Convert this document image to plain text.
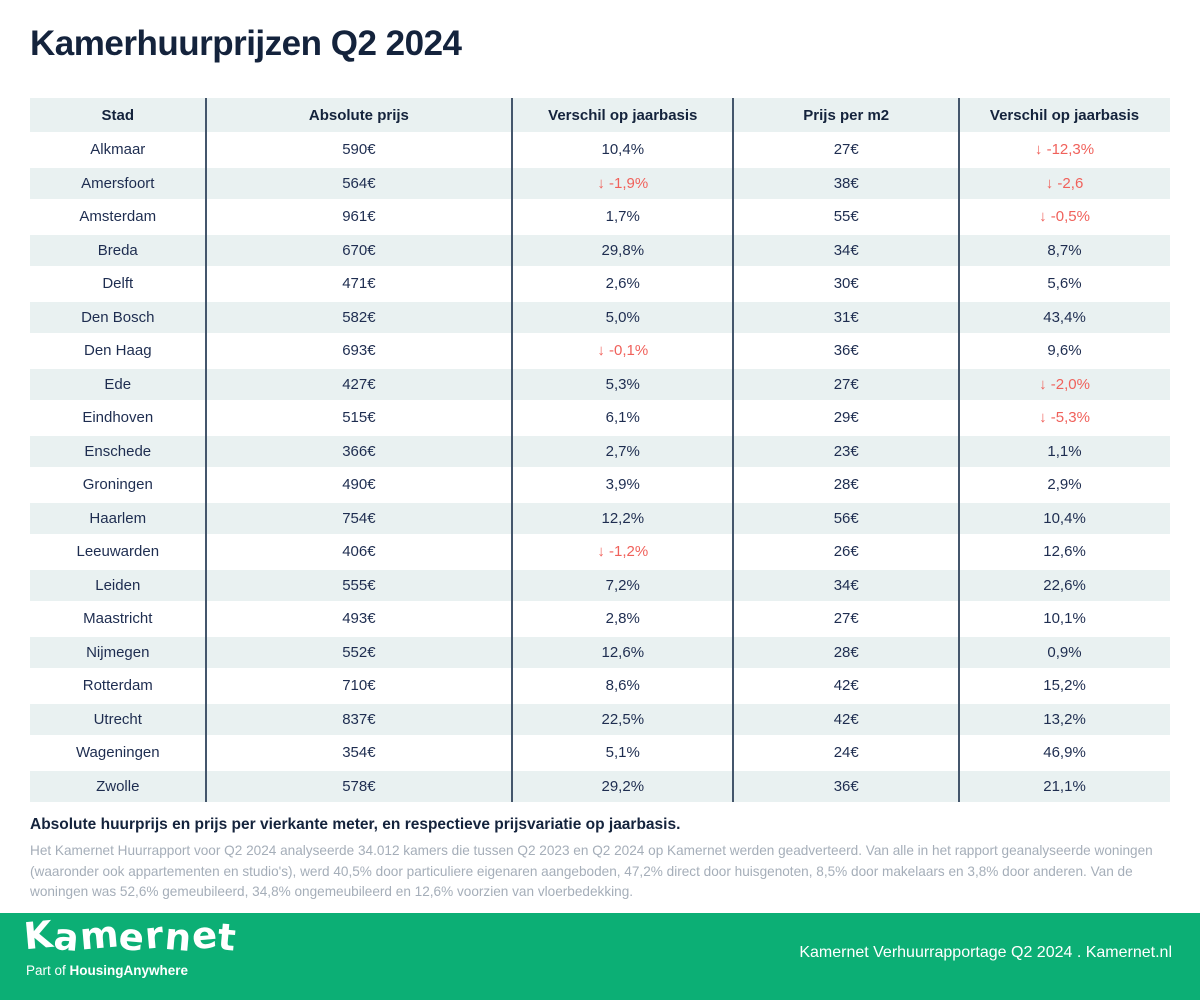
Kamerhuurprijzen Q2 2024
Stad	Absolute prijs	Verschil op jaarbasis	Prijs per m2	Verschil op jaarbasis
Alkmaar	590€	10,4%	27€	↓ -12,3%
Amersfoort	564€	↓ -1,9%	38€	↓ -2,6
Amsterdam	961€	1,7%	55€	↓ -0,5%
Breda	670€	29,8%	34€	8,7%
Delft	471€	2,6%	30€	5,6%
Den Bosch	582€	5,0%	31€	43,4%
Den Haag	693€	↓ -0,1%	36€	9,6%
Ede	427€	5,3%	27€	↓ -2,0%
Eindhoven	515€	6,1%	29€	↓ -5,3%
Enschede	366€	2,7%	23€	1,1%
Groningen	490€	3,9%	28€	2,9%
Haarlem	754€	12,2%	56€	10,4%
Leeuwarden	406€	↓ -1,2%	26€	12,6%
Leiden	555€	7,2%	34€	22,6%
Maastricht	493€	2,8%	27€	10,1%
Nijmegen	552€	12,6%	28€	0,9%
Rotterdam	710€	8,6%	42€	15,2%
Utrecht	837€	22,5%	42€	13,2%
Wageningen	354€	5,1%	24€	46,9%
Zwolle	578€	29,2%	36€	21,1%
Absolute huurprijs en prijs per vierkante meter, en respectieve prijsvariatie op jaarbasis.
Het Kamernet Huurrapport voor Q2 2024 analyseerde 34.012 kamers die tussen Q2 2023 en Q2 2024 op Kamernet werden geadverteerd. Van alle in het rapport geanalyseerde woningen (waaronder ook appartementen en studio's), werd 40,5% door particuliere eigenaren aangeboden, 47,2% direct door huisgenoten, 8,5% door makelaars en 3,8% door anderen. Van de woningen was 52,6% gemeubileerd, 34,8% ongemeubileerd en 12,6% voorzien van vloerbedekking.
Kamernet
Part of HousingAnywhere
Kamernet Verhuurrapportage Q2 2024 . Kamernet.nl
